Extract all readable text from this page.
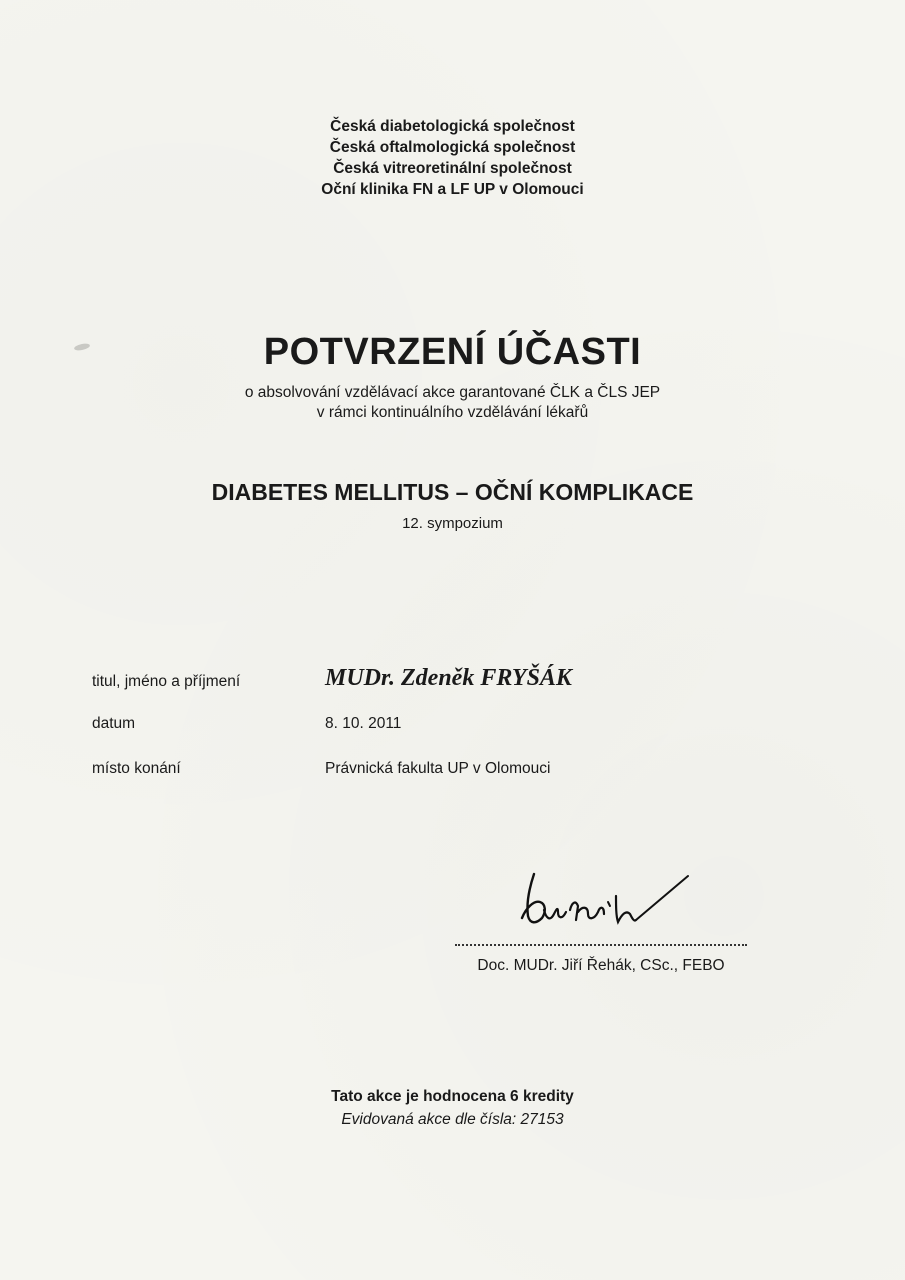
Česká diabetologická společnost
Česká oftalmologická společnost
Česká vitreoretinální společnost
Oční klinika FN a LF UP v Olomouci
POTVRZENÍ ÚČASTI
o absolvování vzdělávací akce garantované ČLK a ČLS JEP
v rámci kontinuálního vzdělávání lékařů
DIABETES MELLITUS – OČNÍ KOMPLIKACE
12. sympozium
titul, jméno a příjmení	MUDr. Zdeněk FRYŠÁK
datum	8. 10. 2011
místo konání	Právnická fakulta UP v Olomouci
Doc. MUDr. Jiří Řehák, CSc., FEBO
Tato akce je hodnocena 6 kredity
Evidovaná akce dle čísla: 27153
